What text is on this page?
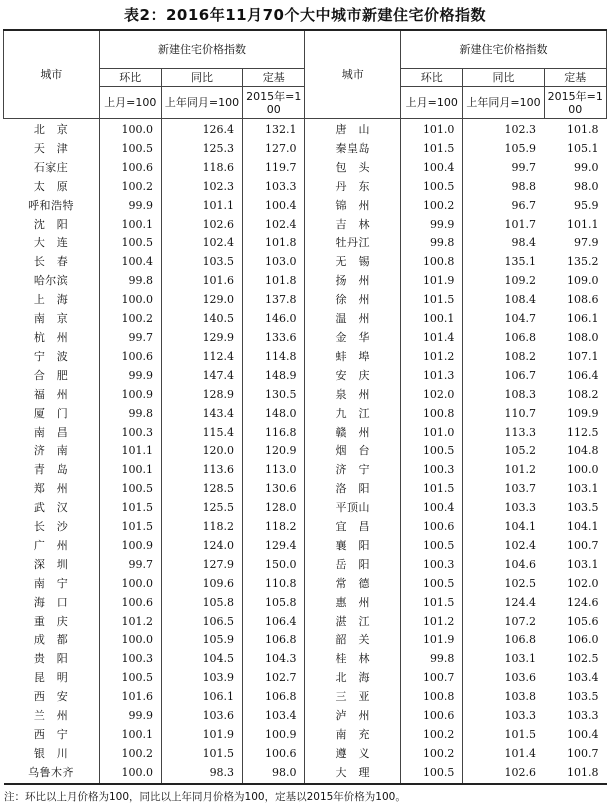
表2：2016年11月70个大中城市新建住宅价格指数
城市	新建住宅价格指数			城市	新建住宅价格指数		
	环比	同比	定基		环比	同比	定基
	上月=100	上年同月=100	2015年=100		上月=100	上年同月=100	2015年=100
北　京	100.0	126.4	132.1	唐　山	101.0	102.3	101.8
天　津	100.5	125.3	127.0	秦皇岛	101.5	105.9	105.1
石家庄	100.6	118.6	119.7	包　头	100.4	99.7	99.0
太　原	100.2	102.3	103.3	丹　东	100.5	98.8	98.0
呼和浩特	99.9	101.1	100.4	锦　州	100.2	96.7	95.9
沈　阳	100.1	102.6	102.4	吉　林	99.9	101.7	101.1
大　连	100.5	102.4	101.8	牡丹江	99.8	98.4	97.9
长　春	100.4	103.5	103.0	无　锡	100.8	135.1	135.2
哈尔滨	99.8	101.6	101.8	扬　州	101.9	109.2	109.0
上　海	100.0	129.0	137.8	徐　州	101.5	108.4	108.6
南　京	100.2	140.5	146.0	温　州	100.1	104.7	106.1
杭　州	99.7	129.9	133.6	金　华	101.4	106.8	108.0
宁　波	100.6	112.4	114.8	蚌　埠	101.2	108.2	107.1
合　肥	99.9	147.4	148.9	安　庆	101.3	106.7	106.4
福　州	100.9	128.9	130.5	泉　州	102.0	108.3	108.2
厦　门	99.8	143.4	148.0	九　江	100.8	110.7	109.9
南　昌	100.3	115.4	116.8	赣　州	101.0	113.3	112.5
济　南	101.1	120.0	120.9	烟　台	100.5	105.2	104.8
青　岛	100.1	113.6	113.0	济　宁	100.3	101.2	100.0
郑　州	100.5	128.5	130.6	洛　阳	101.5	103.7	103.1
武　汉	101.5	125.5	128.0	平顶山	100.4	103.3	103.5
长　沙	101.5	118.2	118.2	宜　昌	100.6	104.1	104.1
广　州	100.9	124.0	129.4	襄　阳	100.5	102.4	100.7
深　圳	99.7	127.9	150.0	岳　阳	100.3	104.6	103.1
南　宁	100.0	109.6	110.8	常　德	100.5	102.5	102.0
海　口	100.6	105.8	105.8	惠　州	101.5	124.4	124.6
重　庆	101.2	106.5	106.4	湛　江	101.2	107.2	105.6
成　都	100.0	105.9	106.8	韶　关	101.9	106.8	106.0
贵　阳	100.3	104.5	104.3	桂　林	99.8	103.1	102.5
昆　明	100.5	103.9	102.7	北　海	100.7	103.6	103.4
西　安	101.6	106.1	106.8	三　亚	100.8	103.8	103.5
兰　州	99.9	103.6	103.4	泸　州	100.6	103.3	103.3
西　宁	100.1	101.9	100.9	南　充	100.2	101.5	100.4
银　川	100.2	101.5	100.6	遵　义	100.2	101.4	100.7
乌鲁木齐	100.0	98.3	98.0	大　理	100.5	102.6	101.8
注：环比以上月价格为100，同比以上年同月价格为100，定基以2015年价格为100。
